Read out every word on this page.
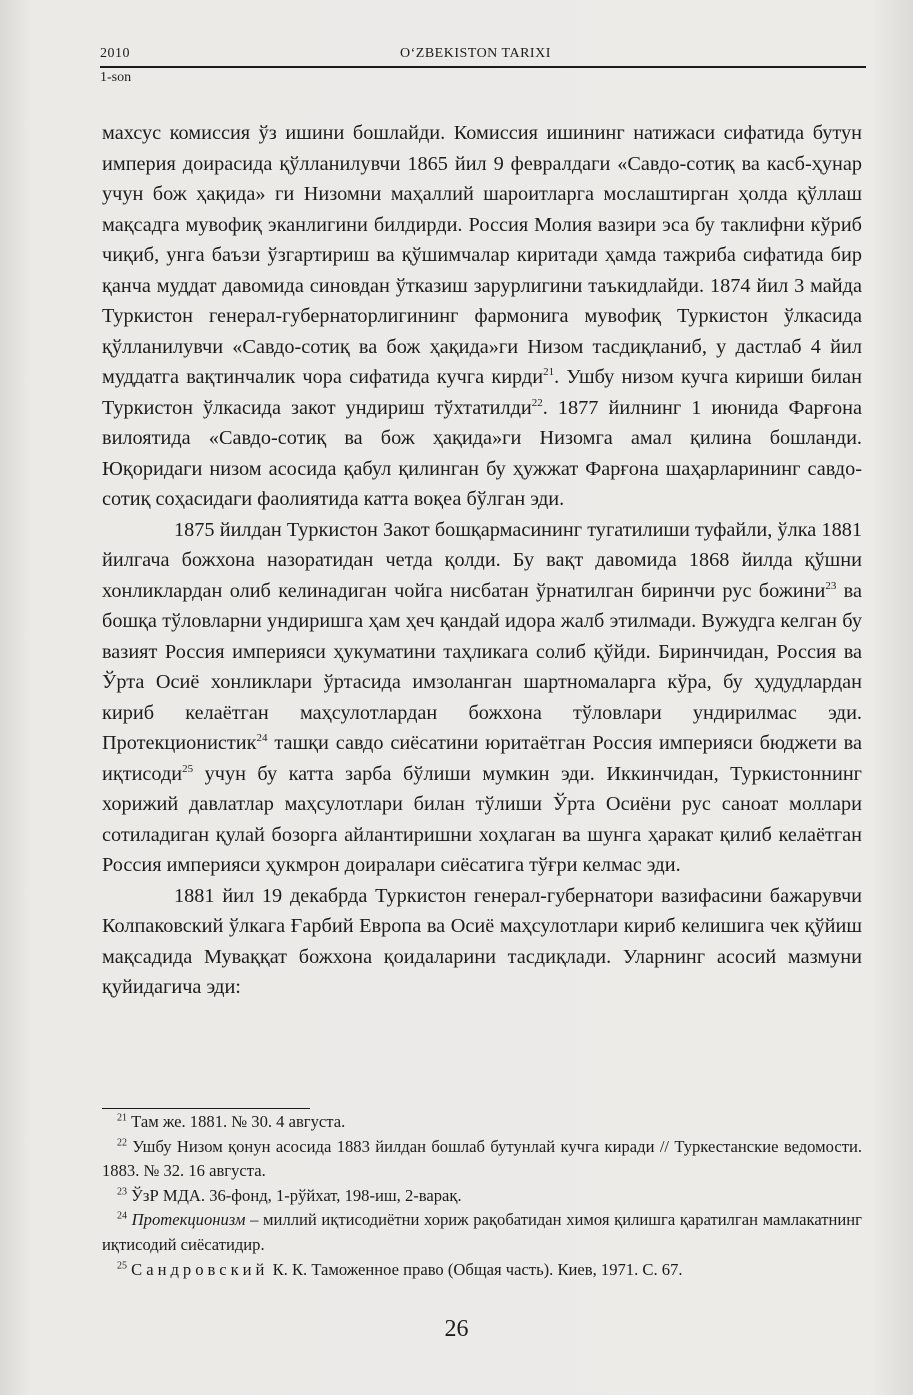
2010	O‘ZBEKISTON TARIXI
1-son

махсус комиссия ўз ишини бошлайди. Комиссия ишининг натижаси сифатида бутун империя доирасида қўлланилувчи 1865 йил 9 февралдаги «Савдо-сотиқ ва касб-ҳунар учун бож ҳақида» ги Низомни маҳаллий шароитларга мослаштирган ҳолда қўллаш мақсадга мувофиқ эканлигини билдирди. Россия Молия вазири эса бу таклифни кўриб чиқиб, унга баъзи ўзгартириш ва қўшимчалар киритади ҳамда тажриба сифатида бир қанча муддат давомида синовдан ўтказиш зарурлигини таъкидлайди. 1874 йил 3 майда Туркистон генерал-губернаторлигининг фармонига мувофиқ Туркистон ўлкасида қўлланилувчи «Савдо-сотиқ ва бож ҳақида»ги Низом тасдиқланиб, у дастлаб 4 йил муддатга вақтинчалик чора сифатида кучга кирди$^{21}$. Ушбу низом кучга кириши билан Туркистон ўлкасида закот ундириш тўхтатилди$^{22}$. 1877 йилнинг 1 июнида Фарғона вилоятида «Савдо-сотиқ ва бож ҳақида»ги Низомга амал қилина бошланди. Юқоридаги низом асосида қабул қилинган бу ҳужжат Фарғона шаҳарларининг савдо-сотиқ соҳасидаги фаолиятида катта воқеа бўлган эди.

1875 йилдан Туркистон Закот бошқармасининг тугатилиши туфайли, ўлка 1881 йилгача божхона назоратидан четда қолди. Бу вақт давомида 1868 йилда қўшни хонликлардан олиб келинадиган чойга нисбатан ўрнатилган биринчи рус божини$^{23}$ ва бошқа тўловларни ундиришга ҳам ҳеч қандай идора жалб этилмади. Вужудга келган бу вазият Россия империяси ҳукуматини таҳликага солиб қўйди. Биринчидан, Россия ва Ўрта Осиё хонликлари ўртасида имзоланган шартномаларга кўра, бу ҳудудлардан кириб келаётган маҳсулотлардан божхона тўловлари ундирилмас эди. Протекционистик$^{24}$ ташқи савдо сиёсатини юритаётган Россия империяси бюджети ва иқтисоди$^{25}$ учун бу катта зарба бўлиши мумкин эди. Иккинчидан, Туркистоннинг хорижий давлатлар маҳсулотлари билан тўлиши Ўрта Осиёни рус саноат моллари сотиладиган қулай бозорга айлантиришни хоҳлаган ва шунга ҳаракат қилиб келаётган Россия империяси ҳукмрон доиралари сиёсатига тўғри келмас эди.

1881 йил 19 декабрда Туркистон генерал-губернатори вазифасини бажарувчи Колпаковский ўлкага Ғарбий Европа ва Осиё маҳсулотлари кириб келишига чек қўйиш мақсадида Муваққат божхона қоидаларини тасдиқлади. Уларнинг асосий мазмуни қуйидагича эди:

$^{21}$ Там же. 1881. № 30. 4 августа.

$^{22}$ Ушбу Низом қонун асосида 1883 йилдан бошлаб бутунлай кучга киради // Туркестанские ведомости. 1883. № 32. 16 августа.

$^{23}$ ЎзР МДА. 36-фонд, 1-рўйхат, 198-иш, 2-варақ.

$^{24}$ Протекционизм – миллий иқтисодиётни хориж рақобатидан химоя қилишга қаратилган мамлакатнинг иқтисодий сиёсатидир.

$^{25}$ Сандровский К. К. Таможенное право (Общая часть). Киев, 1971. С. 67.

26
